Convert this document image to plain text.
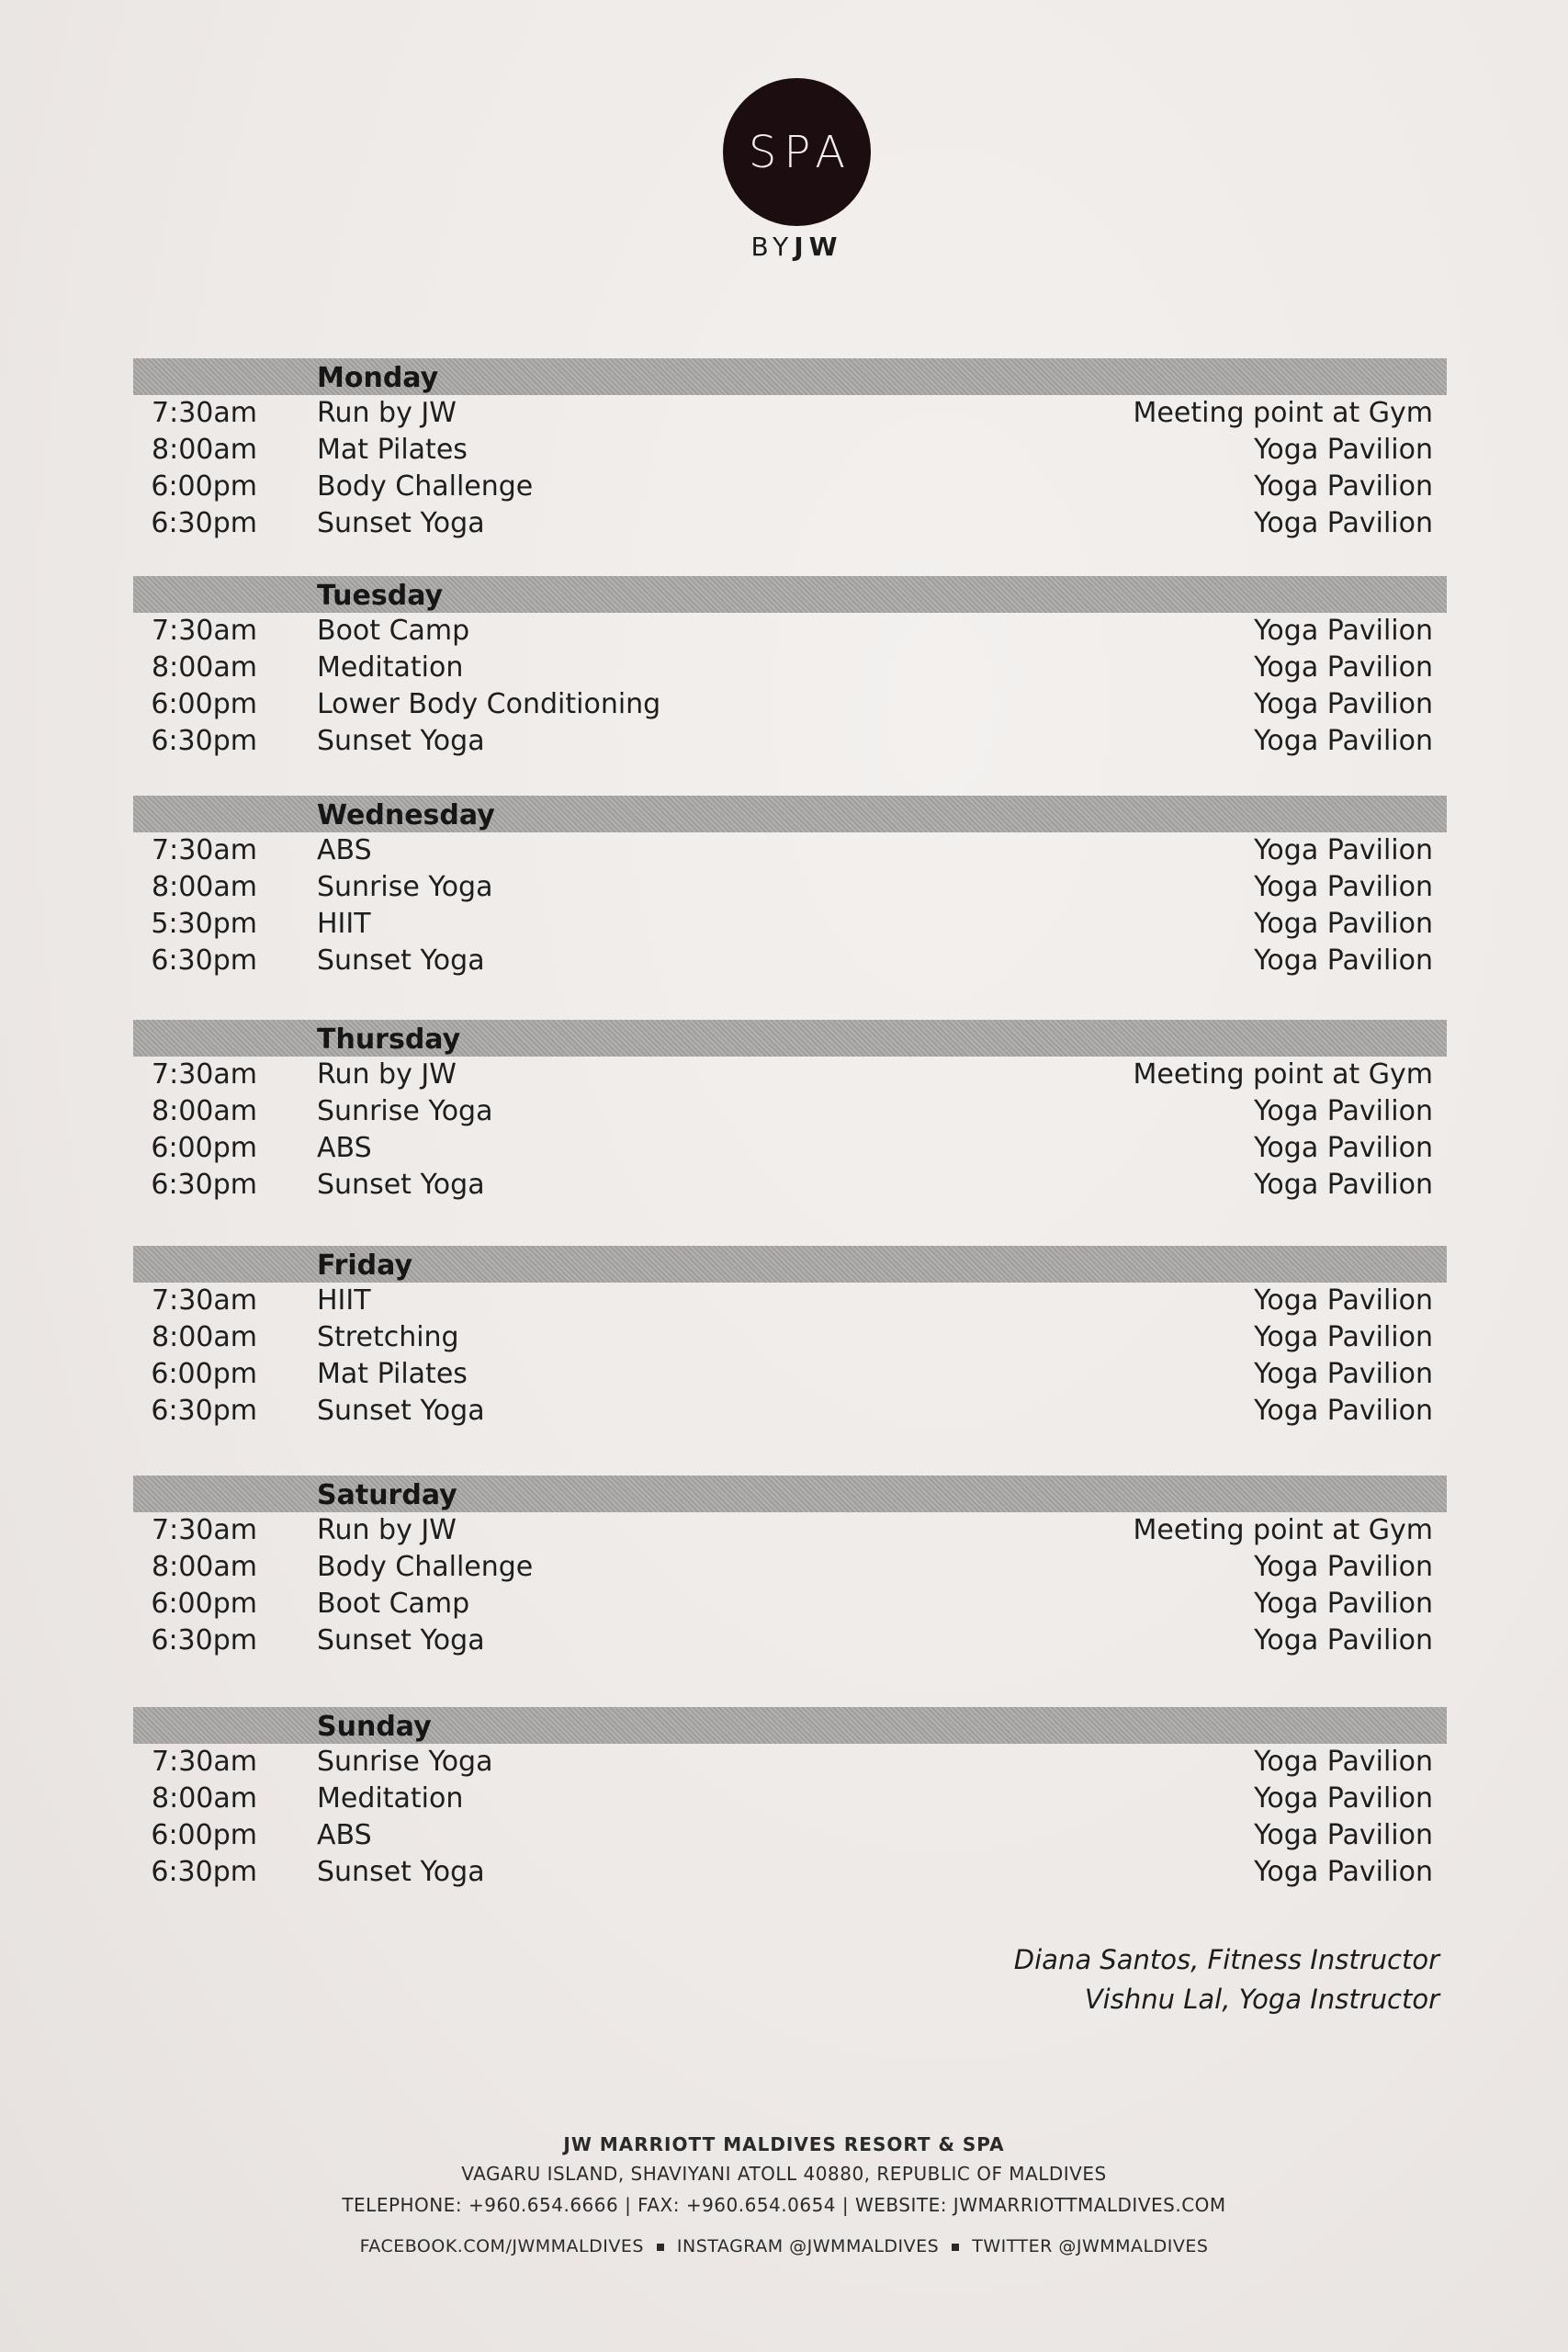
SPA
BYJW
Monday
7:30am Run by JW	Meeting point at Gym
8:00am Mat Pilates	Yoga Pavilion
6:00pm Body Challenge	Yoga Pavilion
6:30pm Sunset Yoga	Yoga Pavilion
Tuesday
7:30am Boot Camp	Yoga Pavilion
8:00am Meditation	Yoga Pavilion
6:00pm Lower Body Conditioning	Yoga Pavilion
6:30pm Sunset Yoga	Yoga Pavilion
Wednesday
7:30am ABS	Yoga Pavilion
8:00am Sunrise Yoga	Yoga Pavilion
5:30pm HIIT	Yoga Pavilion
6:30pm Sunset Yoga	Yoga Pavilion
Thursday
7:30am Run by JW	Meeting point at Gym
8:00am Sunrise Yoga	Yoga Pavilion
6:00pm ABS	Yoga Pavilion
6:30pm Sunset Yoga	Yoga Pavilion
Friday
7:30am HIIT	Yoga Pavilion
8:00am Stretching	Yoga Pavilion
6:00pm Mat Pilates	Yoga Pavilion
6:30pm Sunset Yoga	Yoga Pavilion
Saturday
7:30am Run by JW	Meeting point at Gym
8:00am Body Challenge	Yoga Pavilion
6:00pm Boot Camp	Yoga Pavilion
6:30pm Sunset Yoga	Yoga Pavilion
Sunday
7:30am Sunrise Yoga	Yoga Pavilion
8:00am Meditation	Yoga Pavilion
6:00pm ABS	Yoga Pavilion
6:30pm Sunset Yoga	Yoga Pavilion
Diana Santos, Fitness Instructor
Vishnu Lal, Yoga Instructor
JW MARRIOTT MALDIVES RESORT & SPA
VAGARU ISLAND, SHAVIYANI ATOLL 40880, REPUBLIC OF MALDIVES
TELEPHONE: +960.654.6666 | FAX: +960.654.0654 | WEBSITE: JWMARRIOTTMALDIVES.COM
FACEBOOK.COM/JWMMALDIVES INSTAGRAM @JWMMALDIVES TWITTER @JWMMALDIVES
